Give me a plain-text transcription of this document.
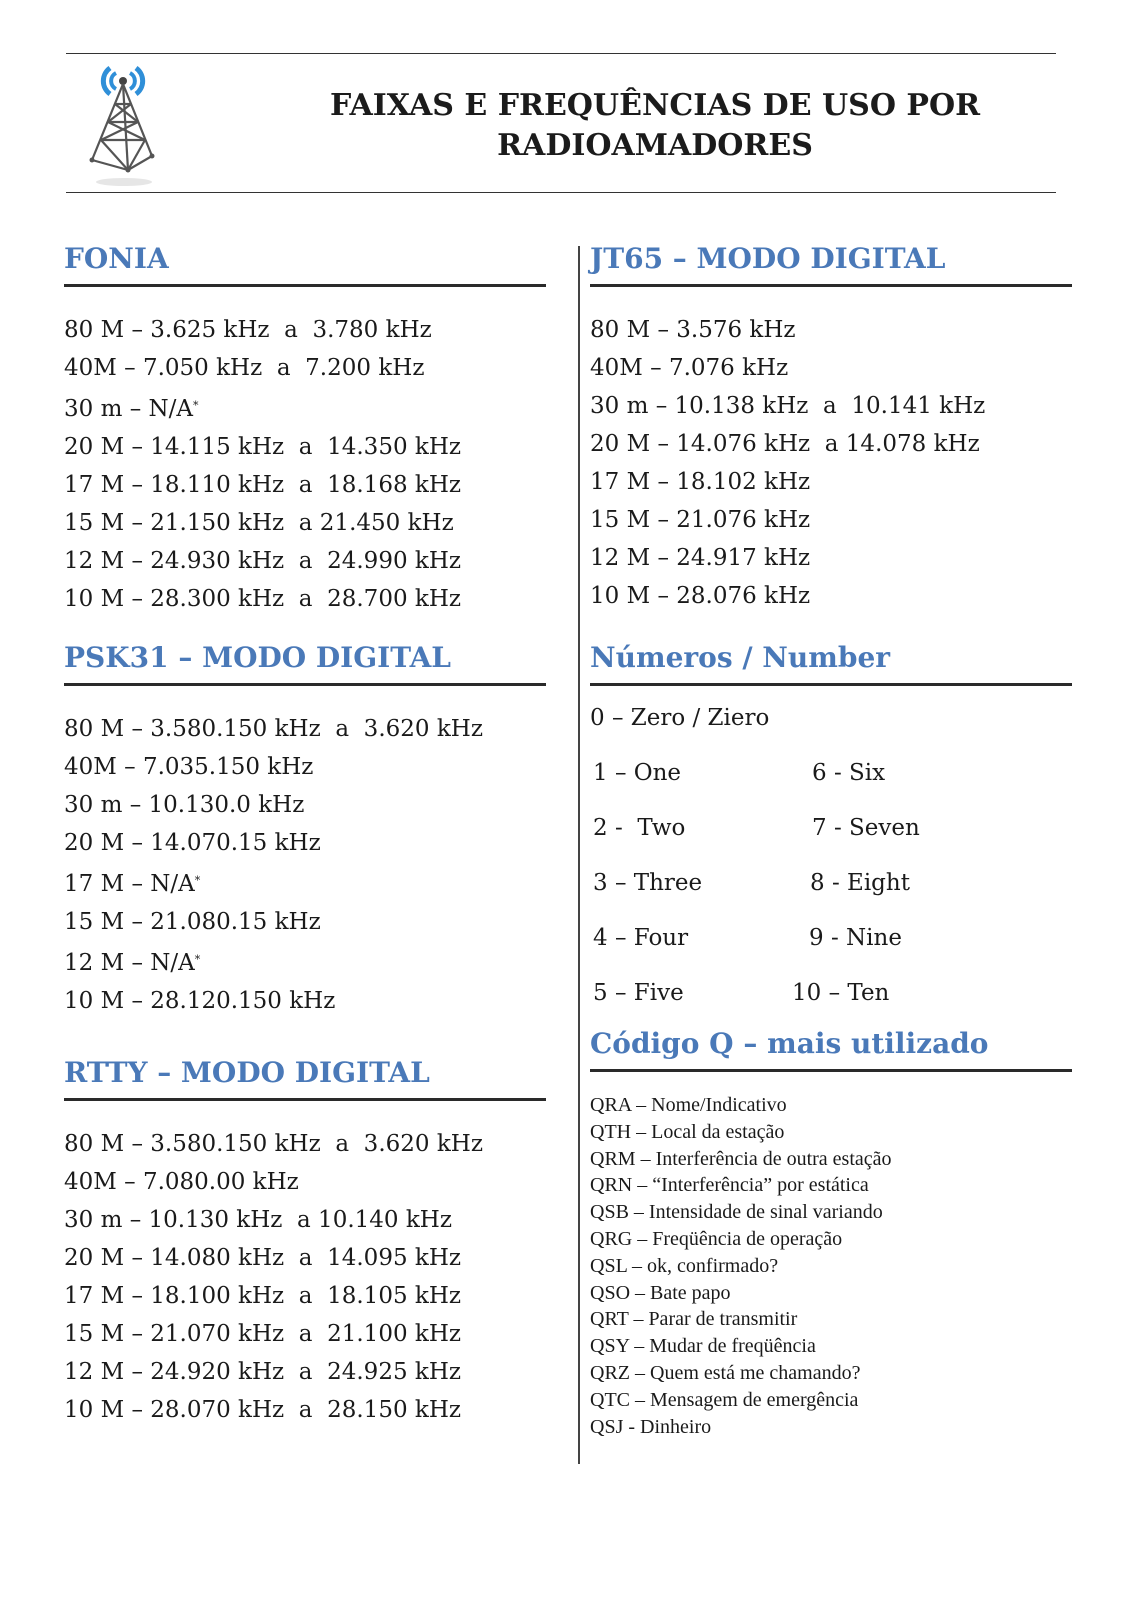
FAIXAS E FREQUÊNCIAS DE USO POR RADIOAMADORES
FONIA
80 M – 3.625 kHz  a  3.780 kHz
40M – 7.050 kHz  a  7.200 kHz
30 m – N/A*
20 M – 14.115 kHz  a  14.350 kHz
17 M – 18.110 kHz  a  18.168 kHz
15 M – 21.150 kHz  a 21.450 kHz
12 M – 24.930 kHz  a  24.990 kHz
10 M – 28.300 kHz  a  28.700 kHz
PSK31 – MODO DIGITAL
80 M – 3.580.150 kHz  a  3.620 kHz
40M – 7.035.150 kHz
30 m – 10.130.0 kHz
20 M – 14.070.15 kHz
17 M – N/A*
15 M – 21.080.15 kHz
12 M – N/A*
10 M – 28.120.150 kHz
RTTY – MODO DIGITAL
80 M – 3.580.150 kHz  a  3.620 kHz
40M – 7.080.00 kHz
30 m – 10.130 kHz  a 10.140 kHz
20 M – 14.080 kHz  a  14.095 kHz
17 M – 18.100 kHz  a  18.105 kHz
15 M – 21.070 kHz  a  21.100 kHz
12 M – 24.920 kHz  a  24.925 kHz
10 M – 28.070 kHz  a  28.150 kHz
JT65 – MODO DIGITAL
80 M – 3.576 kHz
40M – 7.076 kHz
30 m – 10.138 kHz  a  10.141 kHz
20 M – 14.076 kHz  a 14.078 kHz
17 M – 18.102 kHz
15 M – 21.076 kHz
12 M – 24.917 kHz
10 M – 28.076 kHz
Números / Number
0 – Zero / Ziero
1 – One	6 - Six
2 -  Two	7 - Seven
3 – Three	8 - Eight
4 – Four	9 - Nine
5 – Five	10 – Ten
Código Q – mais utilizado
QRA – Nome/Indicativo
QTH – Local da estação
QRM – Interferência de outra estação
QRN – “Interferência” por estática
QSB – Intensidade de sinal variando
QRG – Freqüência de operação
QSL – ok, confirmado?
QSO – Bate papo
QRT – Parar de transmitir
QSY – Mudar de freqüência
QRZ – Quem está me chamando?
QTC – Mensagem de emergência
QSJ - Dinheiro
